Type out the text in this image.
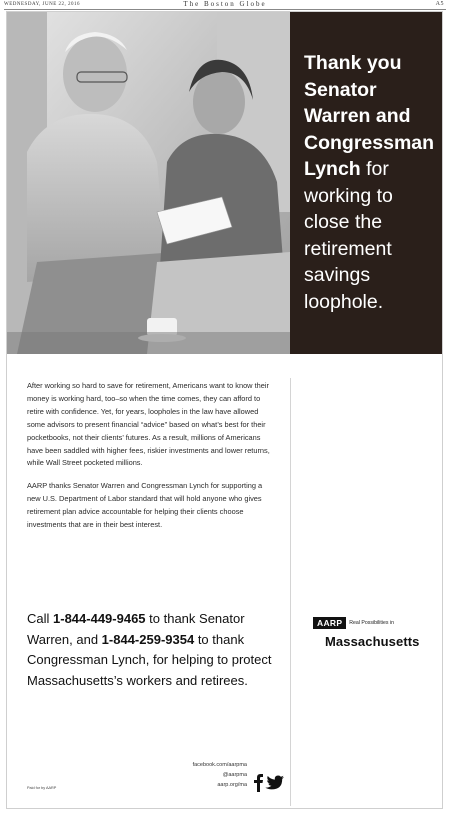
WEDNESDAY, JUNE 22, 2016	The Boston Globe	A5
Thank you Senator Warren and Congressman Lynch for working to close the retirement savings loophole.

After working so hard to save for retirement, Americans want to know their money is working hard, too–so when the time comes, they can afford to retire with confidence. Yet, for years, loopholes in the law have allowed some advisors to present financial “advice” based on what’s best for their pocketbooks, not their clients’ futures. As a result, millions of Americans have been saddled with higher fees, riskier investments and lower returns, while Wall Street pocketed millions.

AARP thanks Senator Warren and Congressman Lynch for supporting a new U.S. Department of Labor standard that will hold anyone who gives retirement plan advice accountable for helping their clients choose investments that are in their best interest.

Call 1-844-449-9465 to thank Senator Warren, and 1-844-259-9354 to thank Congressman Lynch, for helping to protect Massachusetts’s workers and retirees.
AARP Real Possibilities in
Massachusetts
facebook.com/aarpma
@aarpma
aarp.org/ma
Paid for by AARP
